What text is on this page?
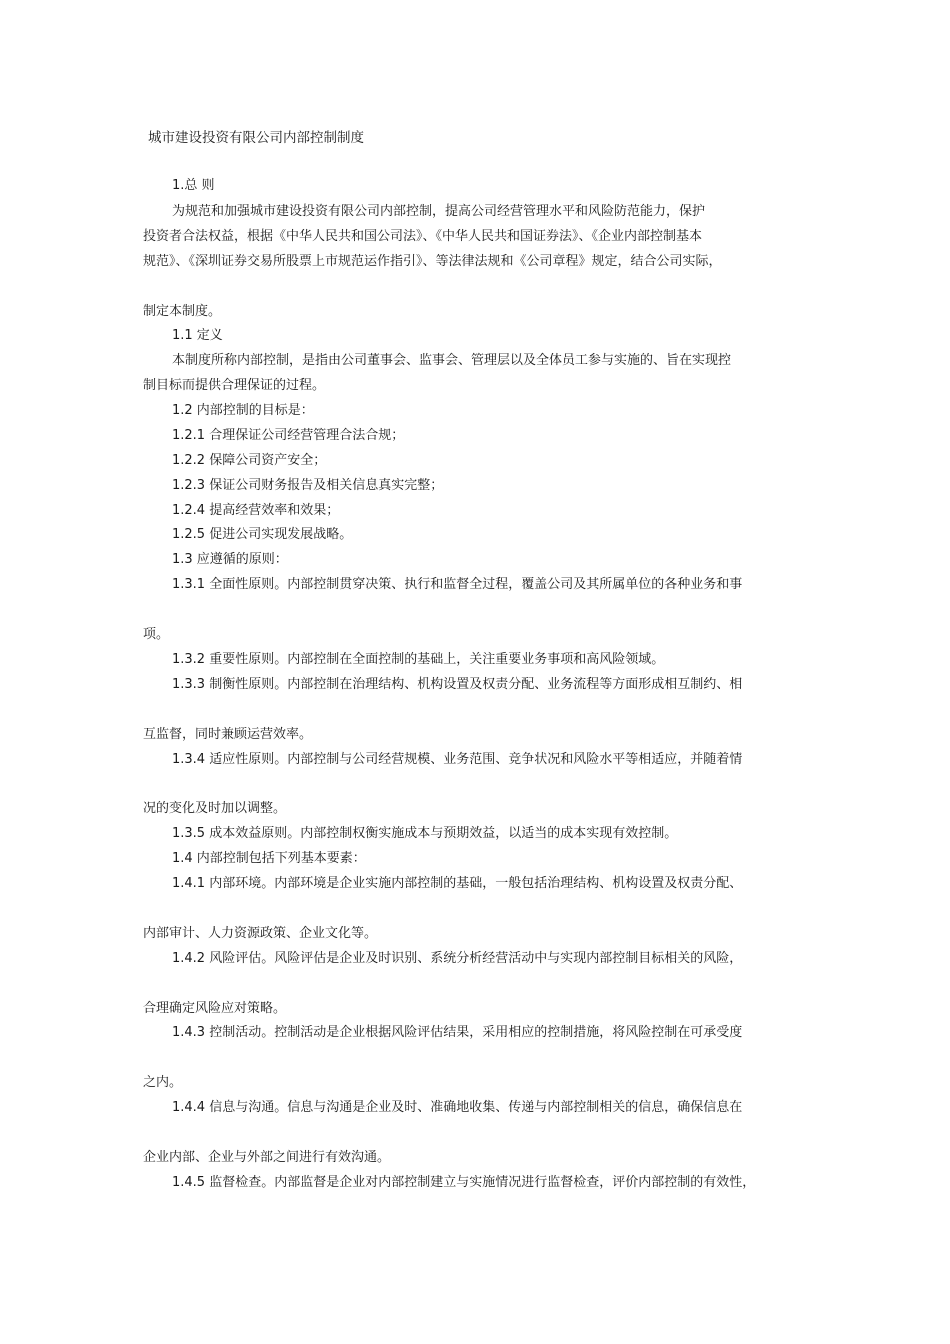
城市建设投资有限公司内部控制制度
1.总 则
为规范和加强城市建设投资有限公司内部控制，提高公司经营管理水平和风险防范能力，保护
投资者合法权益，根据《中华人民共和国公司法》、《中华人民共和国证券法》、《企业内部控制基本
规范》、《深圳证券交易所股票上市规范运作指引》、等法律法规和《公司章程》规定，结合公司实际，
制定本制度。
1.1 定义
本制度所称内部控制，是指由公司董事会、监事会、管理层以及全体员工参与实施的、旨在实现控
制目标而提供合理保证的过程。
1.2 内部控制的目标是：
1.2.1 合理保证公司经营管理合法合规；
1.2.2 保障公司资产安全；
1.2.3 保证公司财务报告及相关信息真实完整；
1.2.4 提高经营效率和效果；
1.2.5 促进公司实现发展战略。
1.3 应遵循的原则：
1.3.1 全面性原则。内部控制贯穿决策、执行和监督全过程，覆盖公司及其所属单位的各种业务和事
项。
1.3.2 重要性原则。内部控制在全面控制的基础上，关注重要业务事项和高风险领域。
1.3.3 制衡性原则。内部控制在治理结构、机构设置及权责分配、业务流程等方面形成相互制约、相
互监督，同时兼顾运营效率。
1.3.4 适应性原则。内部控制与公司经营规模、业务范围、竞争状况和风险水平等相适应，并随着情
况的变化及时加以调整。
1.3.5 成本效益原则。内部控制权衡实施成本与预期效益，以适当的成本实现有效控制。
1.4 内部控制包括下列基本要素：
1.4.1 内部环境。内部环境是企业实施内部控制的基础，一般包括治理结构、机构设置及权责分配、
内部审计、人力资源政策、企业文化等。
1.4.2 风险评估。风险评估是企业及时识别、系统分析经营活动中与实现内部控制目标相关的风险，
合理确定风险应对策略。
1.4.3 控制活动。控制活动是企业根据风险评估结果，采用相应的控制措施，将风险控制在可承受度
之内。
1.4.4 信息与沟通。信息与沟通是企业及时、准确地收集、传递与内部控制相关的信息，确保信息在
企业内部、企业与外部之间进行有效沟通。
1.4.5 监督检查。内部监督是企业对内部控制建立与实施情况进行监督检查，评价内部控制的有效性，
